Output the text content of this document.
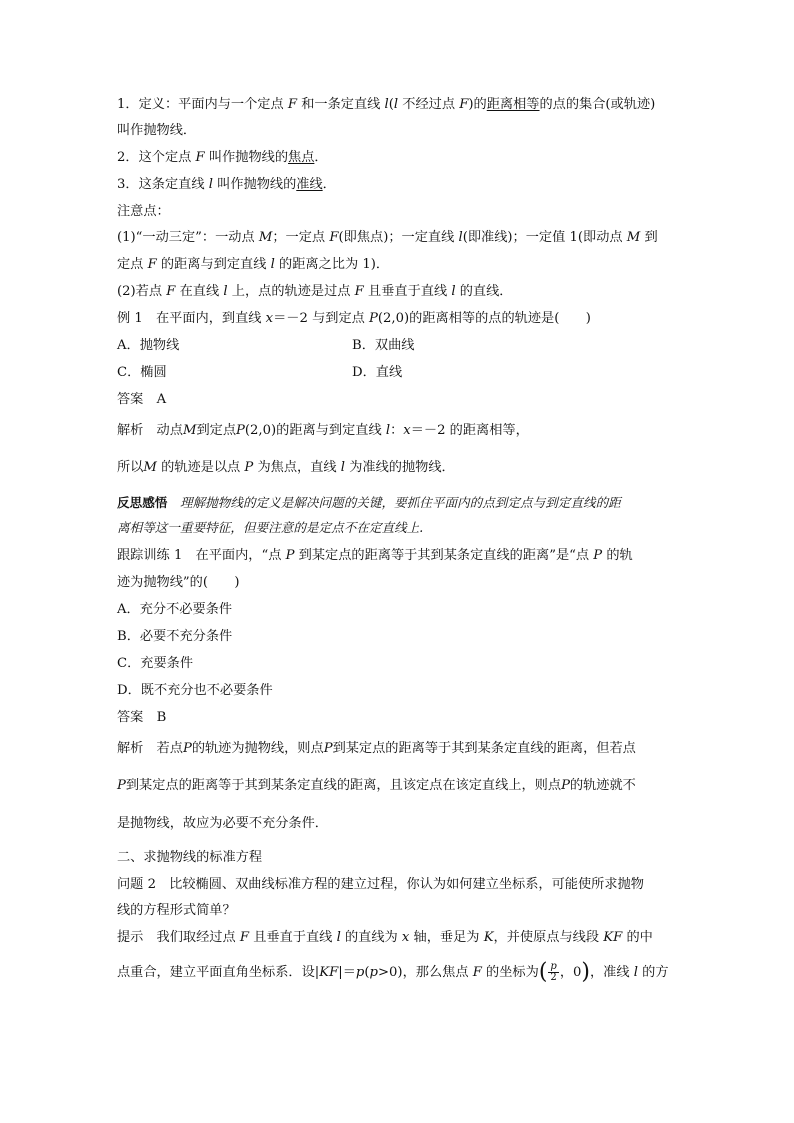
1．定义：平面内与一个定点 F 和一条定直线 l(l 不经过点 F)的距离相等的点的集合(或轨迹)
叫作抛物线．
2．这个定点 F 叫作抛物线的焦点．
3．这条定直线 l 叫作抛物线的准线．
注意点：
(1)“一动三定”：一动点 M；一定点 F(即焦点)；一定直线 l(即准线)；一定值 1(即动点 M 到
定点 F 的距离与到定直线 l 的距离之比为 1)．
(2)若点 F 在直线 l 上，点的轨迹是过点 F 且垂直于直线 l 的直线．
例 1　在平面内，到直线 x＝－2 与到定点 P(2,0)的距离相等的点的轨迹是(　　)
A．抛物线	B．双曲线
C．椭圆	D．直线
答案　 A
解析　动点M到定点P(2,0)的距离与到定直线 l：x＝－2 的距离相等，
所以M 的轨迹是以点 P 为焦点，直线 l 为准线的抛物线．
反思感悟　理解抛物线的定义是解决问题的关键，要抓住平面内的点到定点与到定直线的距
离相等这一重要特征，但要注意的是定点不在定直线上.
跟踪训练 1　在平面内，“点 P 到某定点的距离等于其到某条定直线的距离”是“点 P 的轨
迹为抛物线”的(　　)
A．充分不必要条件
B．必要不充分条件
C．充要条件
D．既不充分也不必要条件
答案　 B
解析　若点P的轨迹为抛物线，则点P到某定点的距离等于其到某条定直线的距离，但若点
P到某定点的距离等于其到某条定直线的距离，且该定点在该定直线上，则点P的轨迹就不
是抛物线，故应为必要不充分条件．
二、求抛物线的标准方程
问题 2　比较椭圆、双曲线标准方程的建立过程，你认为如何建立坐标系，可能使所求抛物
线的方程形式简单？
提示　我们取经过点 F 且垂直于直线 l 的直线为 x 轴，垂足为 K，并使原点与线段 KF 的中
点重合，建立平面直角坐标系．设|KF|＝p(p>0)，那么焦点 F 的坐标为( $\frac{p}{2}$ ，0)，准线 l 的方
